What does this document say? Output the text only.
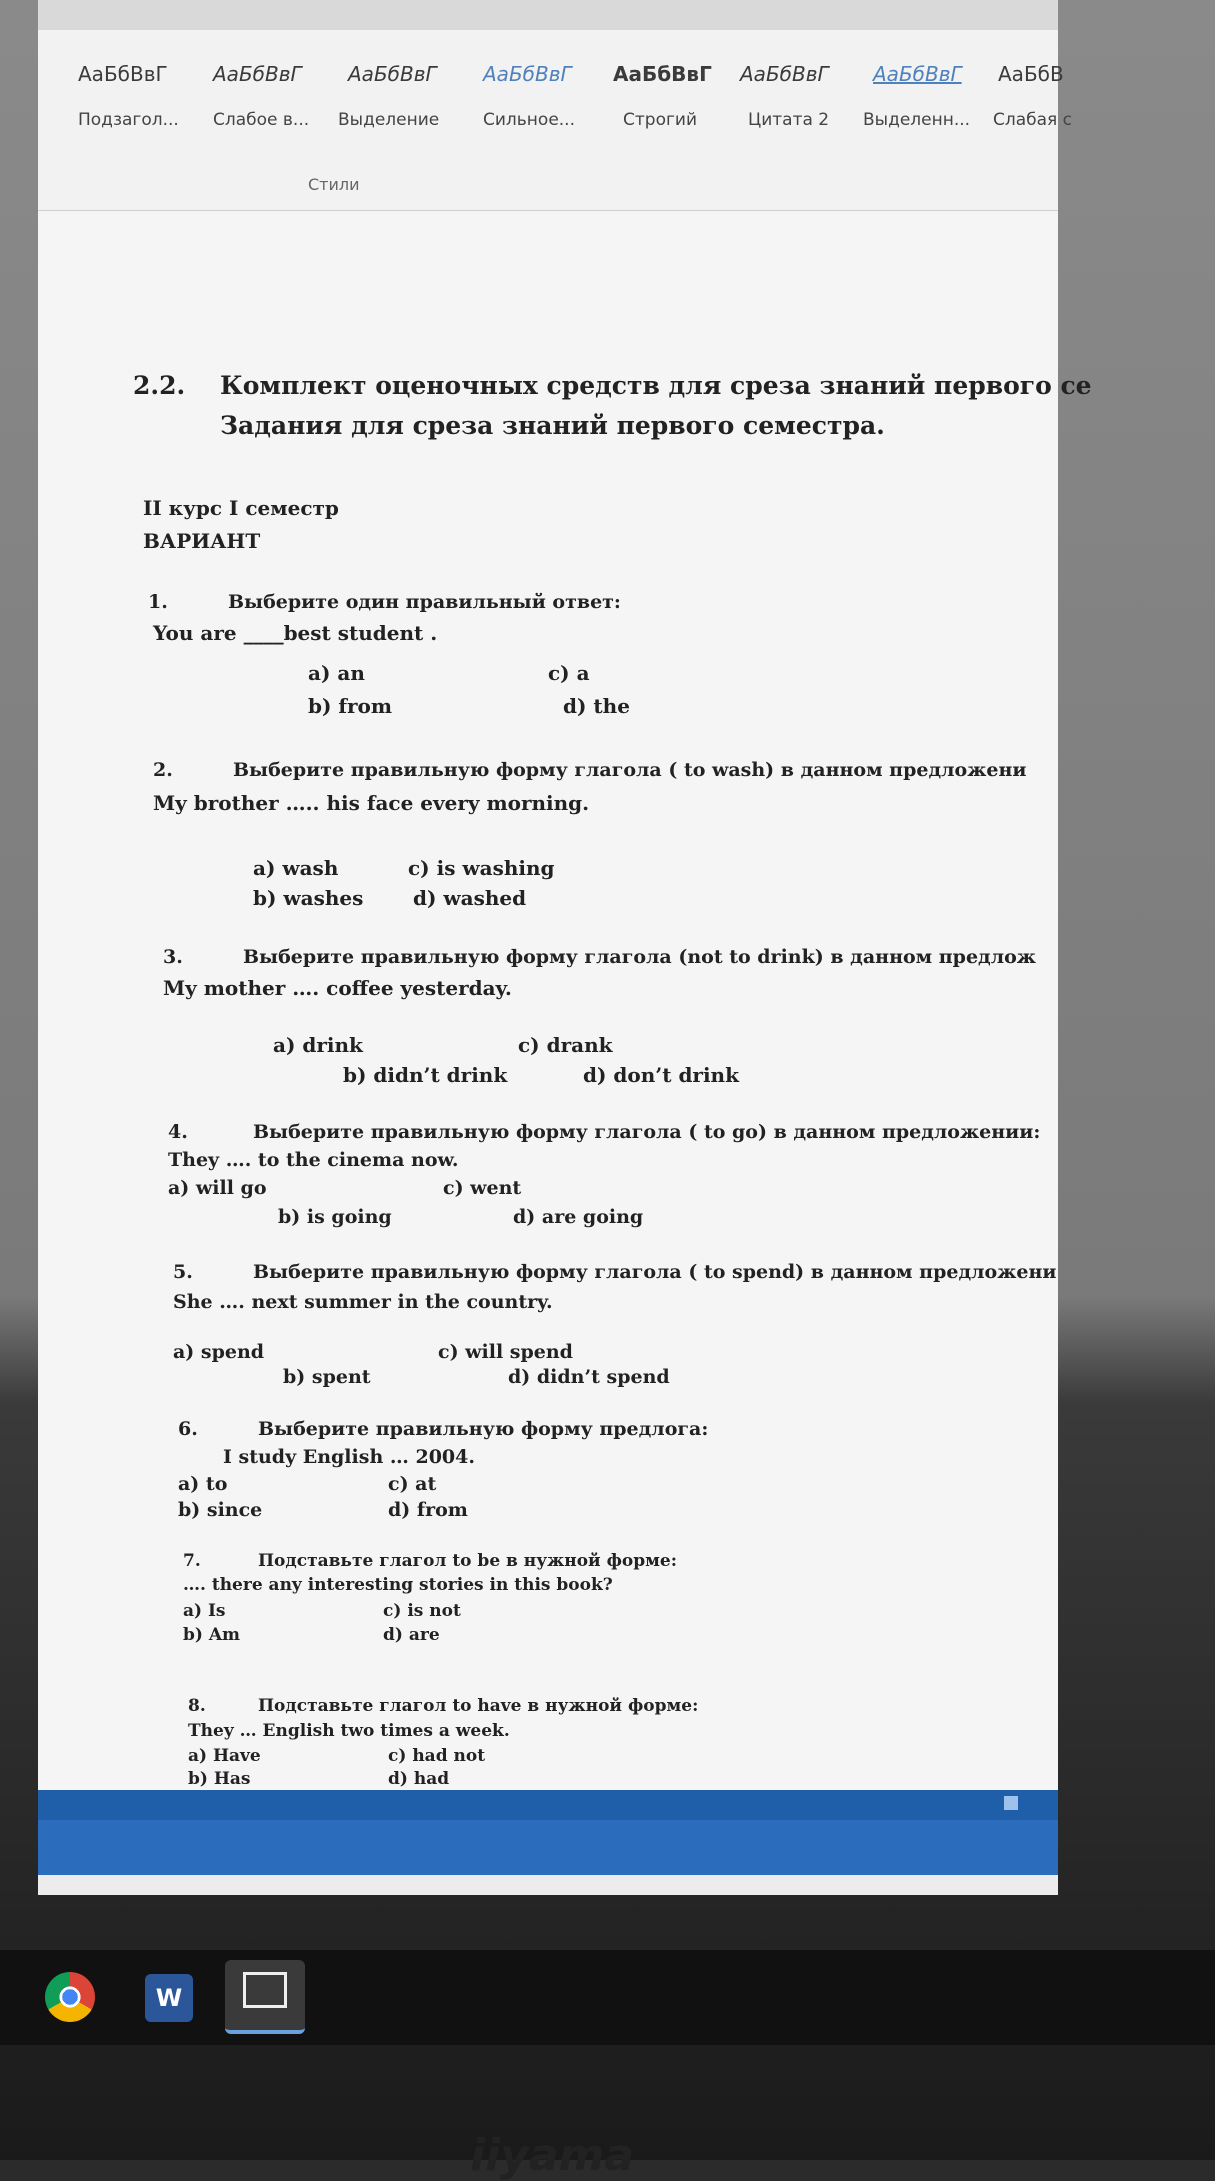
АаБбВвГ АаБбВвГ АаБбВвГ АаБбВвГ АаБбВвГ АаБбВвГ АаБбВвГ АаБбВ
Подзагол... Слабое в... Выделение	Сильное...	Строгий	Цитата 2 Выделенн... Слабая с
Стили
2.2. Комплект оценочных средств для среза знаний первого се
Задания для среза знаний первого семестра.
II курс I семестр
ВАРИАНТ
1.	Выберите один правильный ответ:
You are ____best student .
a) an	c) a
b) from	d) the
2.	Выберите правильную форму глагола ( to wash) в данном предложени
My brother ….. his face every morning.
a) wash	c) is washing
b) washes d) washed
3.	Выберите правильную форму глагола (not to drink) в данном предлож
My mother …. coffee yesterday.
a) drink	c) drank
b) didn’t drink	d) don’t drink
4.	Выберите правильную форму глагола ( to go) в данном предложении:
They …. to the cinema now.
a) will go	c) went
b) is going	d) are going
5.	Выберите правильную форму глагола ( to spend) в данном предложени
She …. next summer in the country.
a) spend	c) will spend
b) spent	d) didn’t spend
6.	Выберите правильную форму предлога:
I study English … 2004.
a) to	c) at
b) since	d) from
7.	Подставьте глагол to be в нужной форме:
…. there any interesting stories in this book?
a) Is	c) is not
b) Am	d) are
8.	Подставьте глагол to have в нужной форме:
They … English two times a week.
a) Have	c) had not
b) Has	d) had
W
iiyama
